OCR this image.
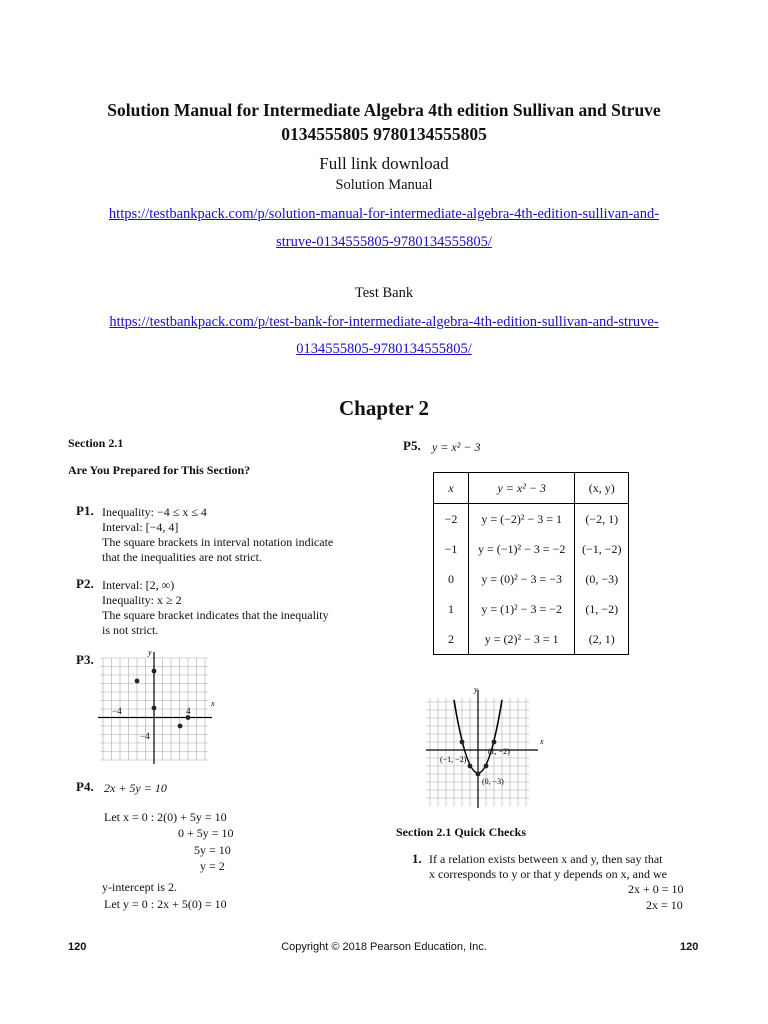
Solution Manual for Intermediate Algebra 4th edition Sullivan and Struve
0134555805 9780134555805
Full link download
Solution Manual
https://testbankpack.com/p/solution-manual-for-intermediate-algebra-4th-edition-sullivan-and-
struve-0134555805-9780134555805/
Test Bank
https://testbankpack.com/p/test-bank-for-intermediate-algebra-4th-edition-sullivan-and-struve-
0134555805-9780134555805/
Chapter 2
Section 2.1
Are You Prepared for This Section?
P1. Inequality: −4 ≤ x ≤ 4
Interval: [−4, 4]
The square brackets in interval notation indicate
that the inequalities are not strict.
P2. Interval: [2, ∞)
Inequality: x ≥ 2
The square bracket indicates that the inequality
is not strict.
P3.	y
x
−4	4
−4
P4. 2x + 5y = 10
Let x = 0 : 2(0) + 5y = 10
0 + 5y = 10
5y = 10
y = 2
y-intercept is 2.
Let y = 0 : 2x + 5(0) = 10
P5. y = x² − 3
x	y = x² − 3	(x, y)
−2	y = (−2)² − 3 = 1	(−2, 1)
−1	y = (−1)² − 3 = −2	(−1, −2)
0	y = (0)² − 3 = −3	(0, −3)
1	y = (1)² − 3 = −2	(1, −2)
2	y = (2)² − 3 = 1	(2, 1)
y
x
(−1, −2)
(1, −2)
(0, −3)
Section 2.1 Quick Checks
1. If a relation exists between x and y, then say that
x corresponds to y or that y depends on x, and we
2x + 0 = 10
2x = 10
120	Copyright © 2018 Pearson Education, Inc.	120
